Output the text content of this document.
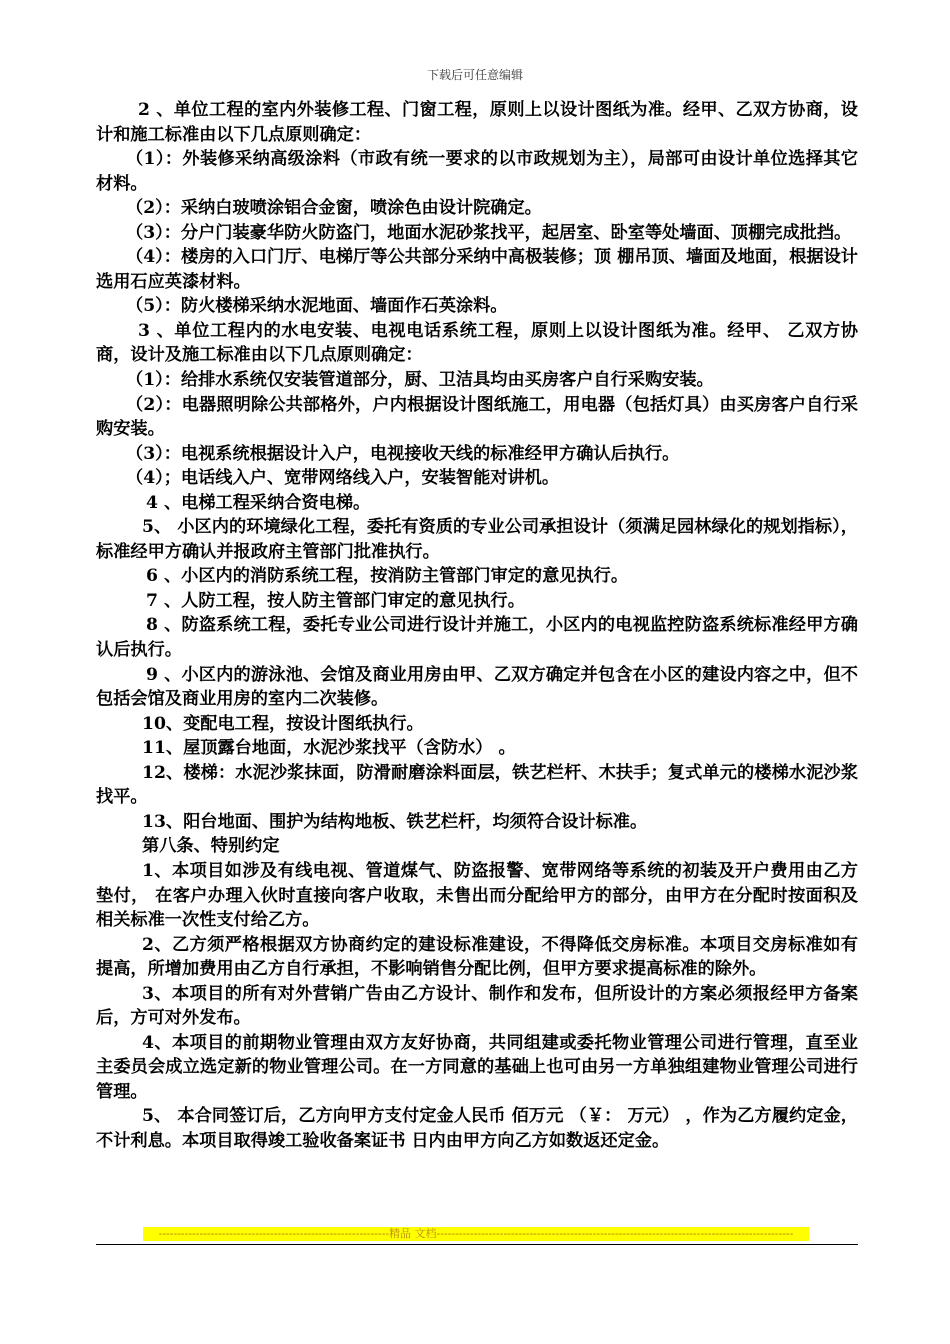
下载后可任意编辑

2 、单位工程的室内外装修工程、门窗工程，原则上以设计图纸为准。经甲、乙双方协商，设计和施工标准由以下几点原则确定：

（1）：外装修采纳高级涂料（市政有统一要求的以市政规划为主），局部可由设计单位选择其它材料。

（2）：采纳白玻喷涂铝合金窗，喷涂色由设计院确定。

（3）：分户门装豪华防火防盗门，地面水泥砂浆找平，起居室、卧室等处墙面、顶棚完成批挡。

（4）：楼房的入口门厅、电梯厅等公共部分采纳中高极装修；顶 棚吊顶、墙面及地面，根据设计选用石应英漆材料。

（5）：防火楼梯采纳水泥地面、墙面作石英涂料。

3 、单位工程内的水电安装、电视电话系统工程，原则上以设计图纸为准。经甲、 乙双方协商，设计及施工标准由以下几点原则确定：

（1）：给排水系统仅安装管道部分，厨、卫洁具均由买房客户自行采购安装。

（2）：电器照明除公共部格外，户内根据设计图纸施工，用电器（包括灯具）由买房客户自行采购安装。

（3）：电视系统根据设计入户，电视接收天线的标准经甲方确认后执行。

（4）；电话线入户、宽带网络线入户，安装智能对讲机。

4 、电梯工程采纳合资电梯。

5、 小区内的环境绿化工程，委托有资质的专业公司承担设计（须满足园林绿化的规划指标），标准经甲方确认并报政府主管部门批准执行。

6 、小区内的消防系统工程，按消防主管部门审定的意见执行。

7 、人防工程，按人防主管部门审定的意见执行。

8 、防盗系统工程，委托专业公司进行设计并施工，小区内的电视监控防盗系统标准经甲方确认后执行。

9 、小区内的游泳池、会馆及商业用房由甲、乙双方确定并包含在小区的建设内容之中，但不包括会馆及商业用房的室内二次装修。

10、变配电工程，按设计图纸执行。

11、屋顶露台地面，水泥沙浆找平（含防水） 。

12、楼梯：水泥沙浆抹面，防滑耐磨涂料面层，铁艺栏杆、木扶手；复式单元的楼梯水泥沙浆找平。

13、阳台地面、围护为结构地板、铁艺栏杆，均须符合设计标准。

第八条、特别约定

1、本项目如涉及有线电视、管道煤气、防盗报警、宽带网络等系统的初装及开户费用由乙方垫付， 在客户办理入伙时直接向客户收取，未售出而分配给甲方的部分，由甲方在分配时按面积及相关标准一次性支付给乙方。

2、乙方须严格根据双方协商约定的建设标准建设，不得降低交房标准。本项目交房标准如有提高，所增加费用由乙方自行承担，不影响销售分配比例，但甲方要求提高标准的除外。

3、本项目的所有对外营销广告由乙方设计、制作和发布，但所设计的方案必须报经甲方备案后，方可对外发布。

4、本项目的前期物业管理由双方友好协商，共同组建或委托物业管理公司进行管理，直至业主委员会成立选定新的物业管理公司。在一方同意的基础上也可由另一方单独组建物业管理公司进行管理。

5、 本合同签订后，乙方向甲方支付定金人民币 佰万元 （￥： 万元） ，作为乙方履约定金，不计利息。本项目取得竣工验收备案证书 日内由甲方向乙方如数返还定金。

--------------------------------------------------------------精品 文档------------------------------------------------------------------------------------------------
